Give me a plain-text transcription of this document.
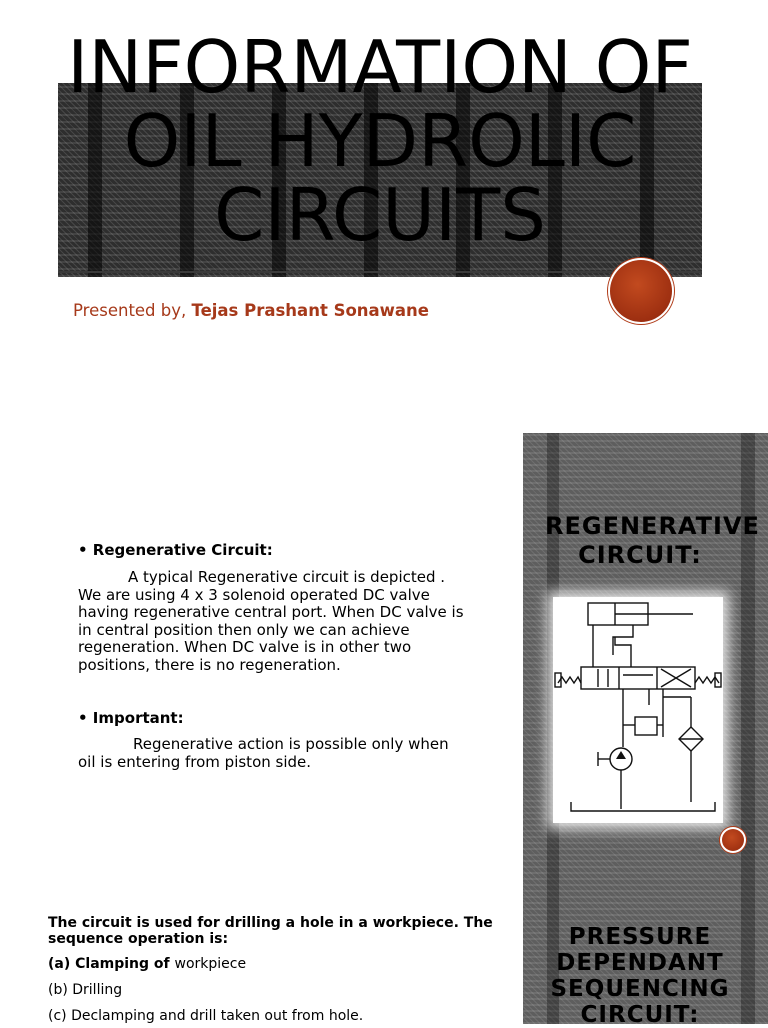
INFORMATION OF OIL HYDROLIC CIRCUITS
Presented by, Tejas Prashant Sonawane
REGENERATIVE CIRCUIT:
PRESSURE DEPENDANT SEQUENCING CIRCUIT:
• Regenerative Circuit:
A typical Regenerative circuit is depicted . We are using 4 x 3 solenoid operated DC valve having regenerative central port. When DC valve is in central position then only we can achieve regeneration. When DC valve is in other two positions, there is no regeneration.
• Important:
Regenerative action is possible only when oil is entering from piston side.
The circuit is used for drilling a hole in a workpiece. The sequence operation is:
(a) Clamping of workpiece
(b) Drilling
(c) Declamping and drill taken out from hole.
